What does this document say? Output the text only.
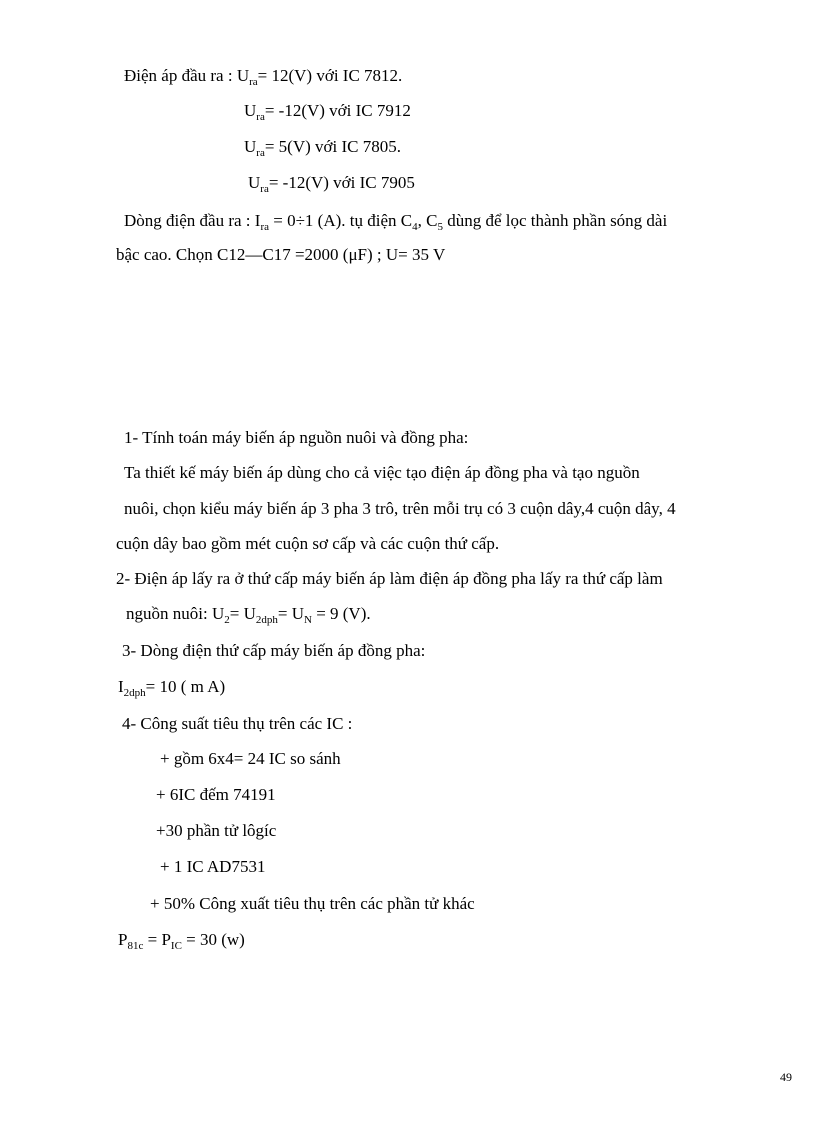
Điện áp đầu ra : $U_{ra}= 12(V)$ với IC 7812.
$U_{ra}= -12(V)$ với IC 7912
$U_{ra}= 5(V)$ với IC 7805.
$U_{ra}= -12(V)$ với IC 7905
Dòng điện đầu ra : $I_{ra} = 0\div 1$ (A). tụ điện $C_4$, $C_5$ dùng để lọc thành phần sóng dài
bậc cao. Chọn C12—C17 =2000 (μF) ; U= 35 V
1- Tính toán máy biến áp nguồn nuôi và đồng pha:
Ta thiết kế máy biến áp dùng cho cả việc tạo điện áp đồng pha và tạo nguồn
nuôi, chọn kiểu máy biến áp 3 pha 3 trô, trên mỗi trụ có 3 cuộn dây,4 cuộn dây, 4
cuộn dây bao gồm mét cuộn sơ cấp và các cuộn thứ cấp.
2- Điện áp lấy ra ở thứ cấp máy biến áp làm điện áp đồng pha lấy ra thứ cấp làm
nguồn nuôi: $U_2= U_{2dph}= U_N = 9$ (V).
3- Dòng điện thứ cấp máy biến áp đồng pha:
$I_{2dph}= 10$ ( m A)
4- Công suất tiêu thụ trên các IC :
+ gồm 6x4= 24 IC so sánh
+ 6IC đếm 74191
+30 phần tử lôgíc
+ 1 IC AD7531
+ 50% Công xuất tiêu thụ trên các phần tử khác
$P_{81c} = P_{IC} = 30$ (w)
49
